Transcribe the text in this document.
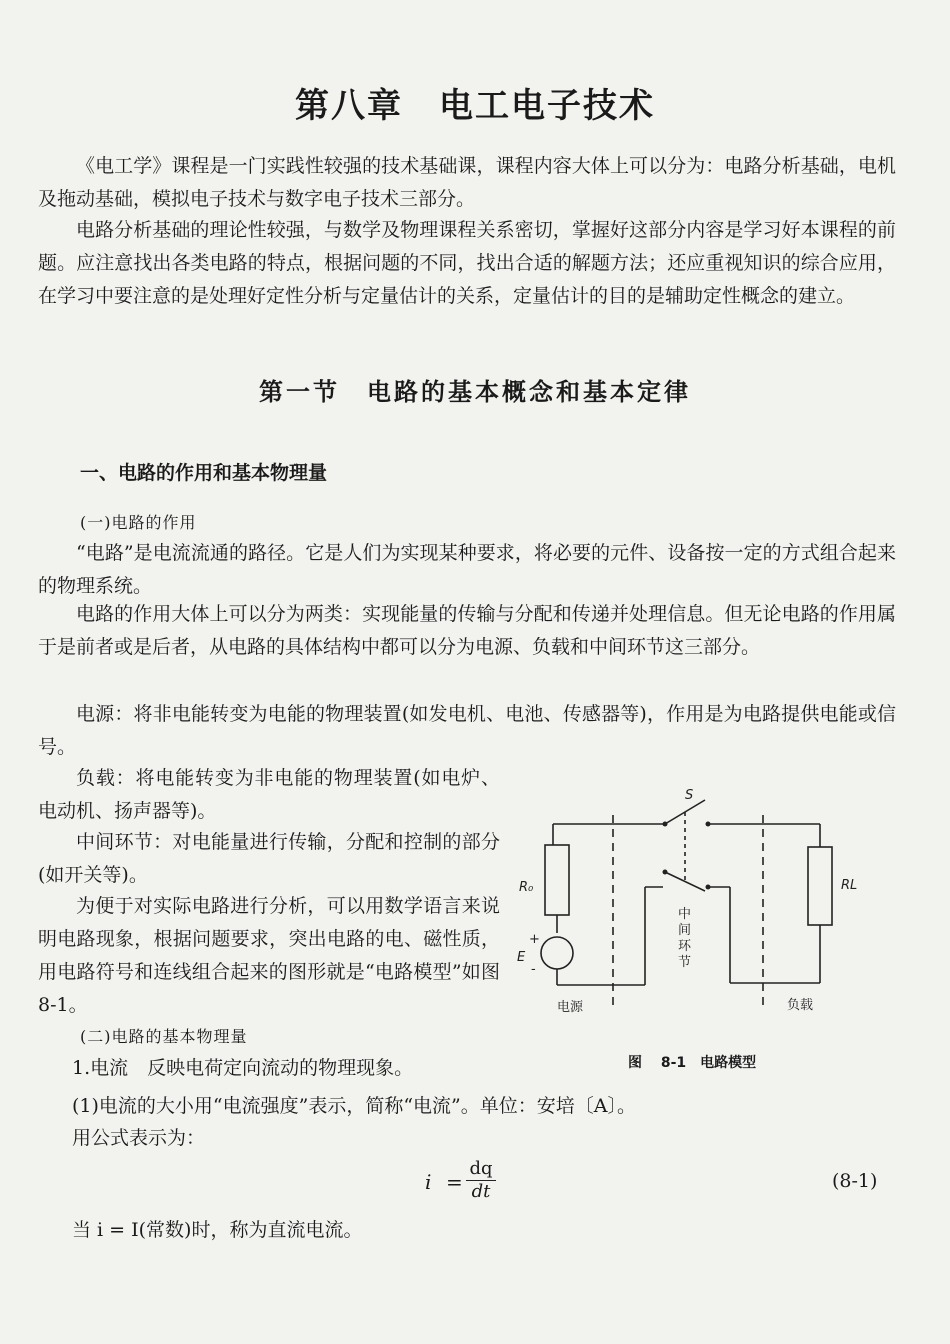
第八章　电工电子技术

《电工学》课程是一门实践性较强的技术基础课，课程内容大体上可以分为：电路分析基础，电机及拖动基础，模拟电子技术与数字电子技术三部分。

电路分析基础的理论性较强，与数学及物理课程关系密切，掌握好这部分内容是学习好本课程的前题。应注意找出各类电路的特点，根据问题的不同，找出合适的解题方法；还应重视知识的综合应用，在学习中要注意的是处理好定性分析与定量估计的关系，定量估计的目的是辅助定性概念的建立。

第一节　电路的基本概念和基本定律
一、电路的作用和基本物理量
(一)电路的作用

“电路”是电流流通的路径。它是人们为实现某种要求，将必要的元件、设备按一定的方式组合起来的物理系统。

电路的作用大体上可以分为两类：实现能量的传输与分配和传递并处理信息。但无论电路的作用属于是前者或是后者，从电路的具体结构中都可以分为电源、负载和中间环节这三部分。

电源：将非电能转变为电能的物理装置(如发电机、电池、传感器等)，作用是为电路提供电能或信号。

负载：将电能转变为非电能的物理装置(如电炉、电动机、扬声器等)。

中间环节：对电能量进行传输，分配和控制的部分(如开关等)。

为便于对实际电路进行分析，可以用数学语言来说明电路现象，根据问题要求，突出电路的电、磁性质，用电路符号和连线组合起来的图形就是“电路模型”如图8-1。

(二)电路的基本物理量
1.电流　反映电荷定向流动的物理现象。
(1)电流的大小用“电流强度”表示，简称“电流”。单位：安培〔A〕。
用公式表示为：
$i = \frac{dq}{dt}$	(8-1)
当 i = I(常数)时，称为直流电流。
S
R₀	RL
E
+
-
电源	负载
中
间
环
节
图 8-1　电路模型
